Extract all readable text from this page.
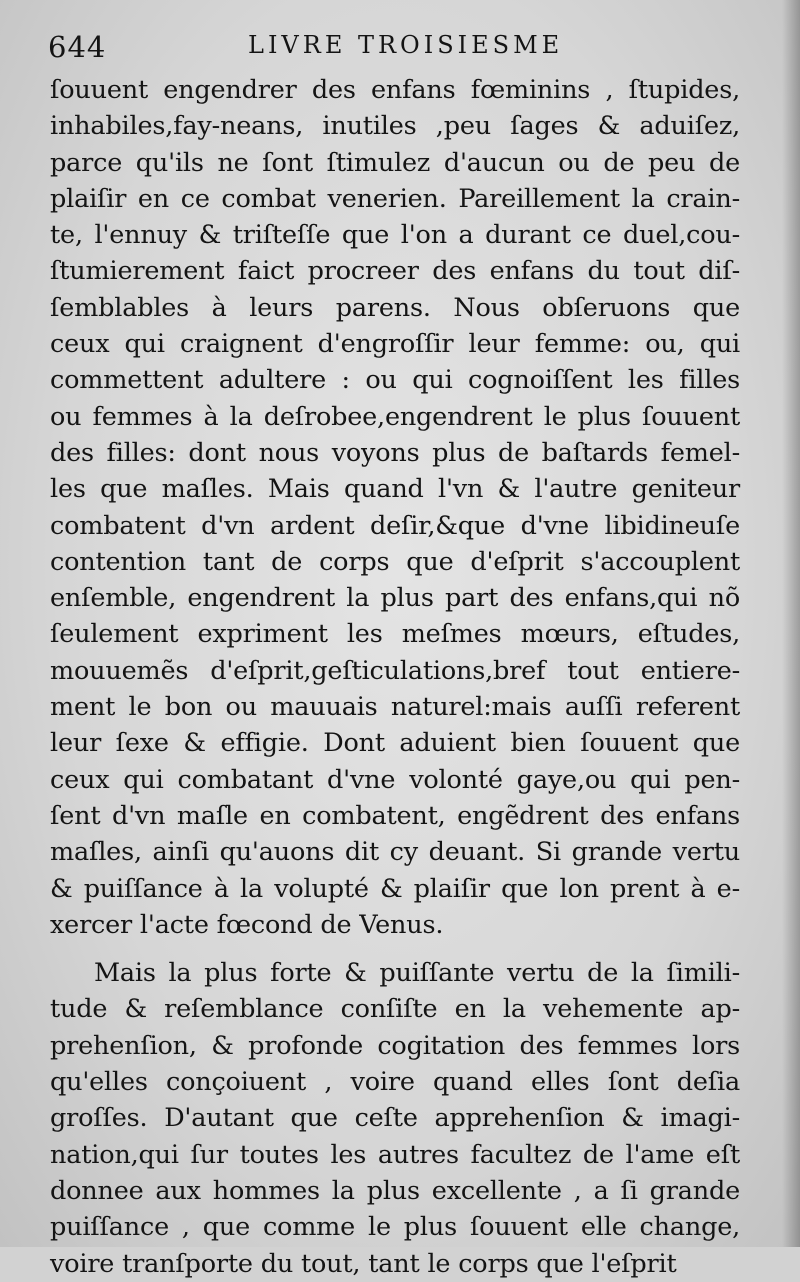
644	LIVRE TROISIESME
ſouuent engendrer des enfans fœminins , ſtupides,
inhabiles,fay-neans, inutiles ,peu ſages & aduiſez,
parce qu'ils ne ſont ſtimulez d'aucun ou de peu de
plaiſir en ce combat venerien. Pareillement la crain-
te, l'ennuy & triſteſſe que l'on a durant ce duel,cou-
ſtumierement faict procreer des enfans du tout diſ-
ſemblables à leurs parens. Nous obſeruons que
ceux qui craignent d'engroſſir leur femme: ou, qui
commettent adultere : ou qui cognoiſſent les filles
ou femmes à la deſrobee,engendrent le plus ſouuent
des filles: dont nous voyons plus de baſtards femel-
les que maſles. Mais quand l'vn & l'autre geniteur
combatent d'vn ardent deſir,&que d'vne libidineuſe
contention tant de corps que d'eſprit s'accouplent
enſemble, engendrent la plus part des enfans,qui nõ
ſeulement expriment les meſmes mœurs, eſtudes,
mouuemẽs d'eſprit,geſticulations,bref tout entiere-
ment le bon ou mauuais naturel:mais auſſi referent
leur ſexe & effigie. Dont aduient bien ſouuent que
ceux qui combatant d'vne volonté gaye,ou qui pen-
ſent d'vn maſle en combatent, engẽdrent des enfans
maſles, ainſi qu'auons dit cy deuant. Si grande vertu
& puiſſance à la volupté & plaiſir que lon prent à e-
xercer l'acte fœcond de Venus.
Mais la plus forte & puiſſante vertu de la ſimili-
tude & reſemblance conſiſte en la vehemente ap-
prehenſion, & profonde cogitation des femmes lors
qu'elles conçoiuent , voire quand elles ſont deſia
groſſes. D'autant que ceſte apprehenſion & imagi-
nation,qui ſur toutes les autres facultez de l'ame eſt
donnee aux hommes la plus excellente , a ſi grande
puiſſance , que comme le plus ſouuent elle change,
voire tranſporte du tout, tant le corps que l'eſprit
